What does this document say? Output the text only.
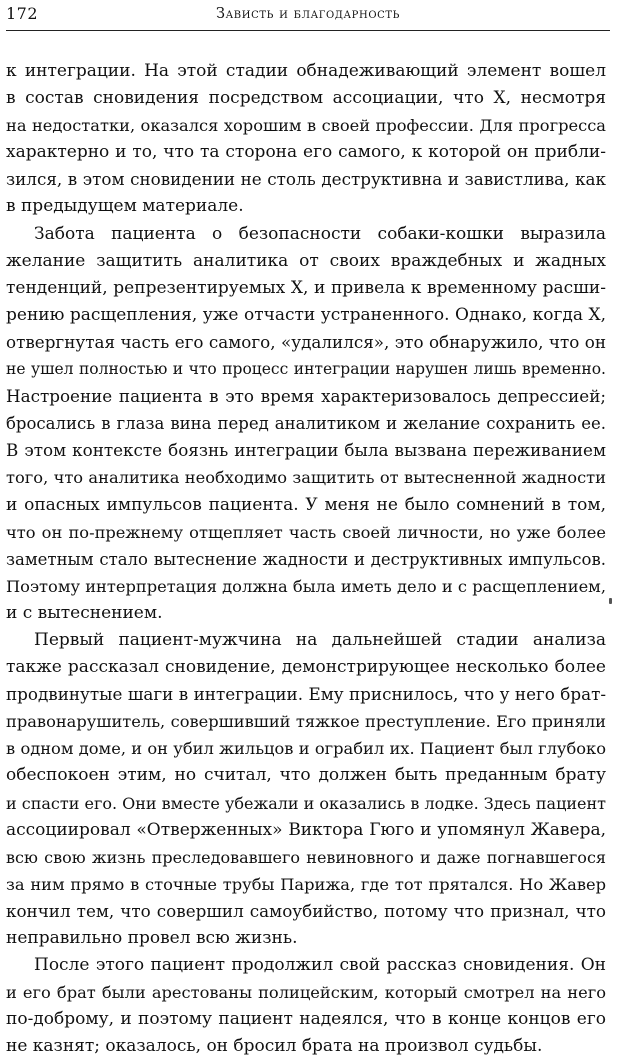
172	Зависть и благодарность
к интеграции. На этой стадии обнадеживающий элемент вошел
в состав сновидения посредством ассоциации, что X, несмотря
на недостатки, оказался хорошим в своей профессии. Для прогресса
характерно и то, что та сторона его самого, к которой он прибли-
зился, в этом сновидении не столь деструктивна и завистлива, как
в предыдущем материале.
Забота пациента о безопасности собаки-кошки выразила
желание защитить аналитика от своих враждебных и жадных
тенденций, репрезентируемых X, и привела к временному расши-
рению расщепления, уже отчасти устраненного. Однако, когда X,
отвергнутая часть его самого, «удалился», это обнаружило, что он
не ушел полностью и что процесс интеграции нарушен лишь временно.
Настроение пациента в это время характеризовалось депрессией;
бросались в глаза вина перед аналитиком и желание сохранить ее.
В этом контексте боязнь интеграции была вызвана переживанием
того, что аналитика необходимо защитить от вытесненной жадности
и опасных импульсов пациента. У меня не было сомнений в том,
что он по-прежнему отщепляет часть своей личности, но уже более
заметным стало вытеснение жадности и деструктивных импульсов.
Поэтому интерпретация должна была иметь дело и с расщеплением,
и с вытеснением.
Первый пациент-мужчина на дальнейшей стадии анализа
также рассказал сновидение, демонстрирующее несколько более
продвинутые шаги в интеграции. Ему приснилось, что у него брат-
правонарушитель, совершивший тяжкое преступление. Его приняли
в одном доме, и он убил жильцов и ограбил их. Пациент был глубоко
обеспокоен этим, но считал, что должен быть преданным брату
и спасти его. Они вместе убежали и оказались в лодке. Здесь пациент
ассоциировал «Отверженных» Виктора Гюго и упомянул Жавера,
всю свою жизнь преследовавшего невиновного и даже погнавшегося
за ним прямо в сточные трубы Парижа, где тот прятался. Но Жавер
кончил тем, что совершил самоубийство, потому что признал, что
неправильно провел всю жизнь.
После этого пациент продолжил свой рассказ сновидения. Он
и его брат были арестованы полицейским, который смотрел на него
по-доброму, и поэтому пациент надеялся, что в конце концов его
не казнят; оказалось, он бросил брата на произвол судьбы.
